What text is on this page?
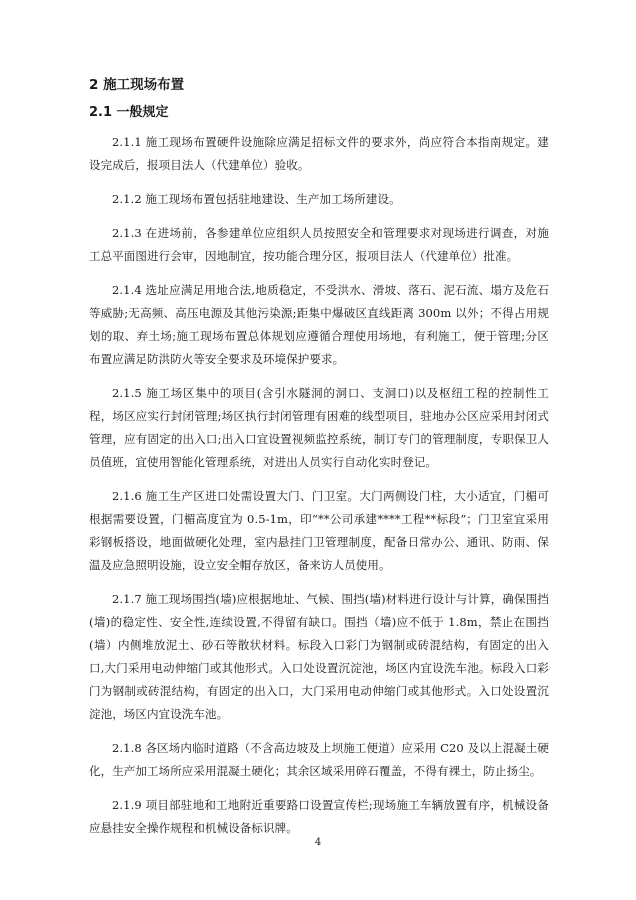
2 施工现场布置
2.1 一般规定

2.1.1 施工现场布置硬件设施除应满足招标文件的要求外，尚应符合本指南规定。建设完成后，报项目法人（代建单位）验收。

2.1.2 施工现场布置包括驻地建设、生产加工场所建设。

2.1.3 在进场前，各参建单位应组织人员按照安全和管理要求对现场进行调查，对施工总平面图进行会审，因地制宜，按功能合理分区，报项目法人（代建单位）批准。

2.1.4 选址应满足用地合法,地质稳定，不受洪水、滑坡、落石、泥石流、塌方及危石等威胁;无高频、高压电源及其他污染源;距集中爆破区直线距离 300m 以外；不得占用规划的取、弃土场;施工现场布置总体规划应遵循合理使用场地，有利施工，便于管理;分区布置应满足防洪防火等安全要求及环境保护要求。

2.1.5 施工场区集中的项目(含引水隧洞的洞口、支洞口)以及枢纽工程的控制性工程，场区应实行封闭管理;场区执行封闭管理有困难的线型项目，驻地办公区应采用封闭式管理，应有固定的出入口;出入口宜设置视频监控系统，制订专门的管理制度，专职保卫人员值班，宜使用智能化管理系统，对进出人员实行自动化实时登记。

2.1.6 施工生产区进口处需设置大门、门卫室。大门两侧设门柱，大小适宜，门楣可根据需要设置，门楣高度宜为 0.5-1m，印“**公司承建****工程**标段”；门卫室宜采用彩钢板搭设，地面做硬化处理，室内悬挂门卫管理制度，配备日常办公、通讯、防雨、保温及应急照明设施，设立安全帽存放区，备来访人员使用。

2.1.7 施工现场围挡(墙)应根据地址、气候、围挡(墙)材料进行设计与计算，确保围挡(墙)的稳定性、安全性,连续设置,不得留有缺口。围挡（墙)应不低于 1.8m，禁止在围挡(墙）内侧堆放泥土、砂石等散状材料。标段入口彩门为钢制或砖混结构，有固定的出入口,大门采用电动伸缩门或其他形式。入口处设置沉淀池，场区内宜设洗车池。标段入口彩门为钢制或砖混结构，有固定的出入口，大门采用电动伸缩门或其他形式。入口处设置沉淀池，场区内宜设洗车池。

2.1.8 各区场内临时道路（不含高边坡及上坝施工便道）应采用 C20 及以上混凝土硬化，生产加工场所应采用混凝土硬化；其余区域采用碎石覆盖，不得有裸土，防止扬尘。

2.1.9 项目部驻地和工地附近重要路口设置宣传栏;现场施工车辆放置有序，机械设备应悬挂安全操作规程和机械设备标识牌。

4
